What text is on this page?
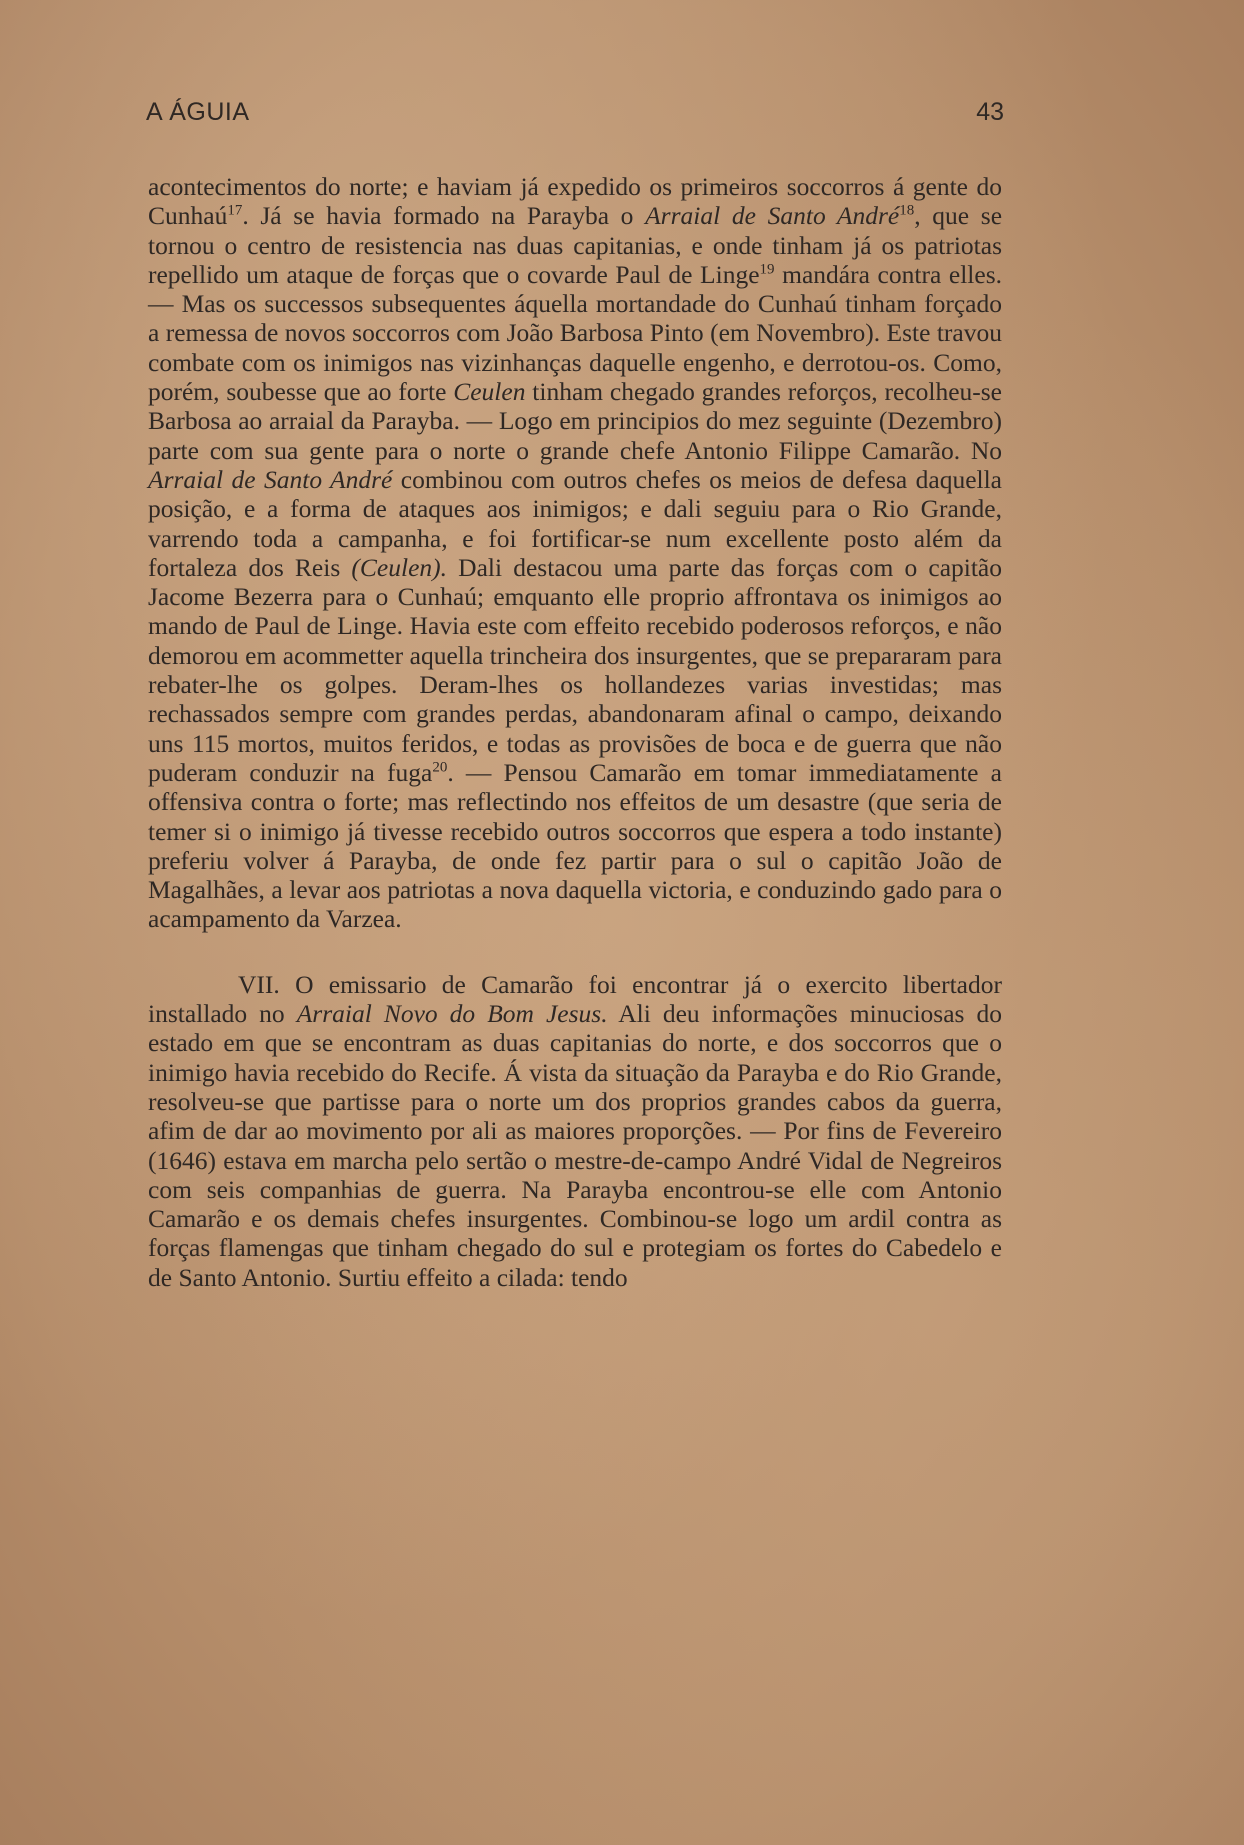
A ÁGUIA	43

acontecimentos do norte; e haviam já expedido os primeiros soccorros á gente do Cunhaú$^{17}$. Já se havia formado na Parayba o Arraial de Santo André$^{18}$, que se tornou o centro de resistencia nas duas capitanias, e onde tinham já os patriotas repellido um ataque de forças que o covarde Paul de Linge$^{19}$ mandára contra elles. — Mas os successos subsequentes áquella mortandade do Cunhaú tinham forçado a remessa de novos soccorros com João Barbosa Pinto (em Novembro). Este travou combate com os inimigos nas vizinhanças daquelle engenho, e derrotou-os. Como, porém, soubesse que ao forte Ceulen tinham chegado grandes reforços, recolheu-se Barbosa ao arraial da Parayba. — Logo em principios do mez seguinte (Dezembro) parte com sua gente para o norte o grande chefe Antonio Filippe Camarão. No Arraial de Santo André combinou com outros chefes os meios de defesa daquella posição, e a forma de ataques aos inimigos; e dali seguiu para o Rio Grande, varrendo toda a campanha, e foi fortificar-se num excellente posto além da fortaleza dos Reis (Ceulen). Dali destacou uma parte das forças com o capitão Jacome Bezerra para o Cunhaú; emquanto elle proprio affrontava os inimigos ao mando de Paul de Linge. Havia este com effeito recebido poderosos reforços, e não demorou em acommetter aquella trincheira dos insurgentes, que se prepararam para rebater-lhe os golpes. Deram-lhes os hollandezes varias investidas; mas rechassados sempre com grandes perdas, abandonaram afinal o campo, deixando uns 115 mortos, muitos feridos, e todas as provisões de boca e de guerra que não puderam conduzir na fuga$^{20}$. — Pensou Camarão em tomar immediatamente a offensiva contra o forte; mas reflectindo nos effeitos de um desastre (que seria de temer si o inimigo já tivesse recebido outros soccorros que espera a todo instante) preferiu volver á Parayba, de onde fez partir para o sul o capitão João de Magalhães, a levar aos patriotas a nova daquella victoria, e conduzindo gado para o acampamento da Varzea.

VII. O emissario de Camarão foi encontrar já o exercito libertador installado no Arraial Novo do Bom Jesus. Ali deu informações minuciosas do estado em que se encontram as duas capitanias do norte, e dos soccorros que o inimigo havia recebido do Recife. Á vista da situação da Parayba e do Rio Grande, resolveu-se que partisse para o norte um dos proprios grandes cabos da guerra, afim de dar ao movimento por ali as maiores proporções. — Por fins de Fevereiro (1646) estava em marcha pelo sertão o mestre-de-campo André Vidal de Negreiros com seis companhias de guerra. Na Parayba encontrou-se elle com Antonio Camarão e os demais chefes insurgentes. Combinou-se logo um ardil contra as forças flamengas que tinham chegado do sul e protegiam os fortes do Cabedelo e de Santo Antonio. Surtiu effeito a cilada: tendo
